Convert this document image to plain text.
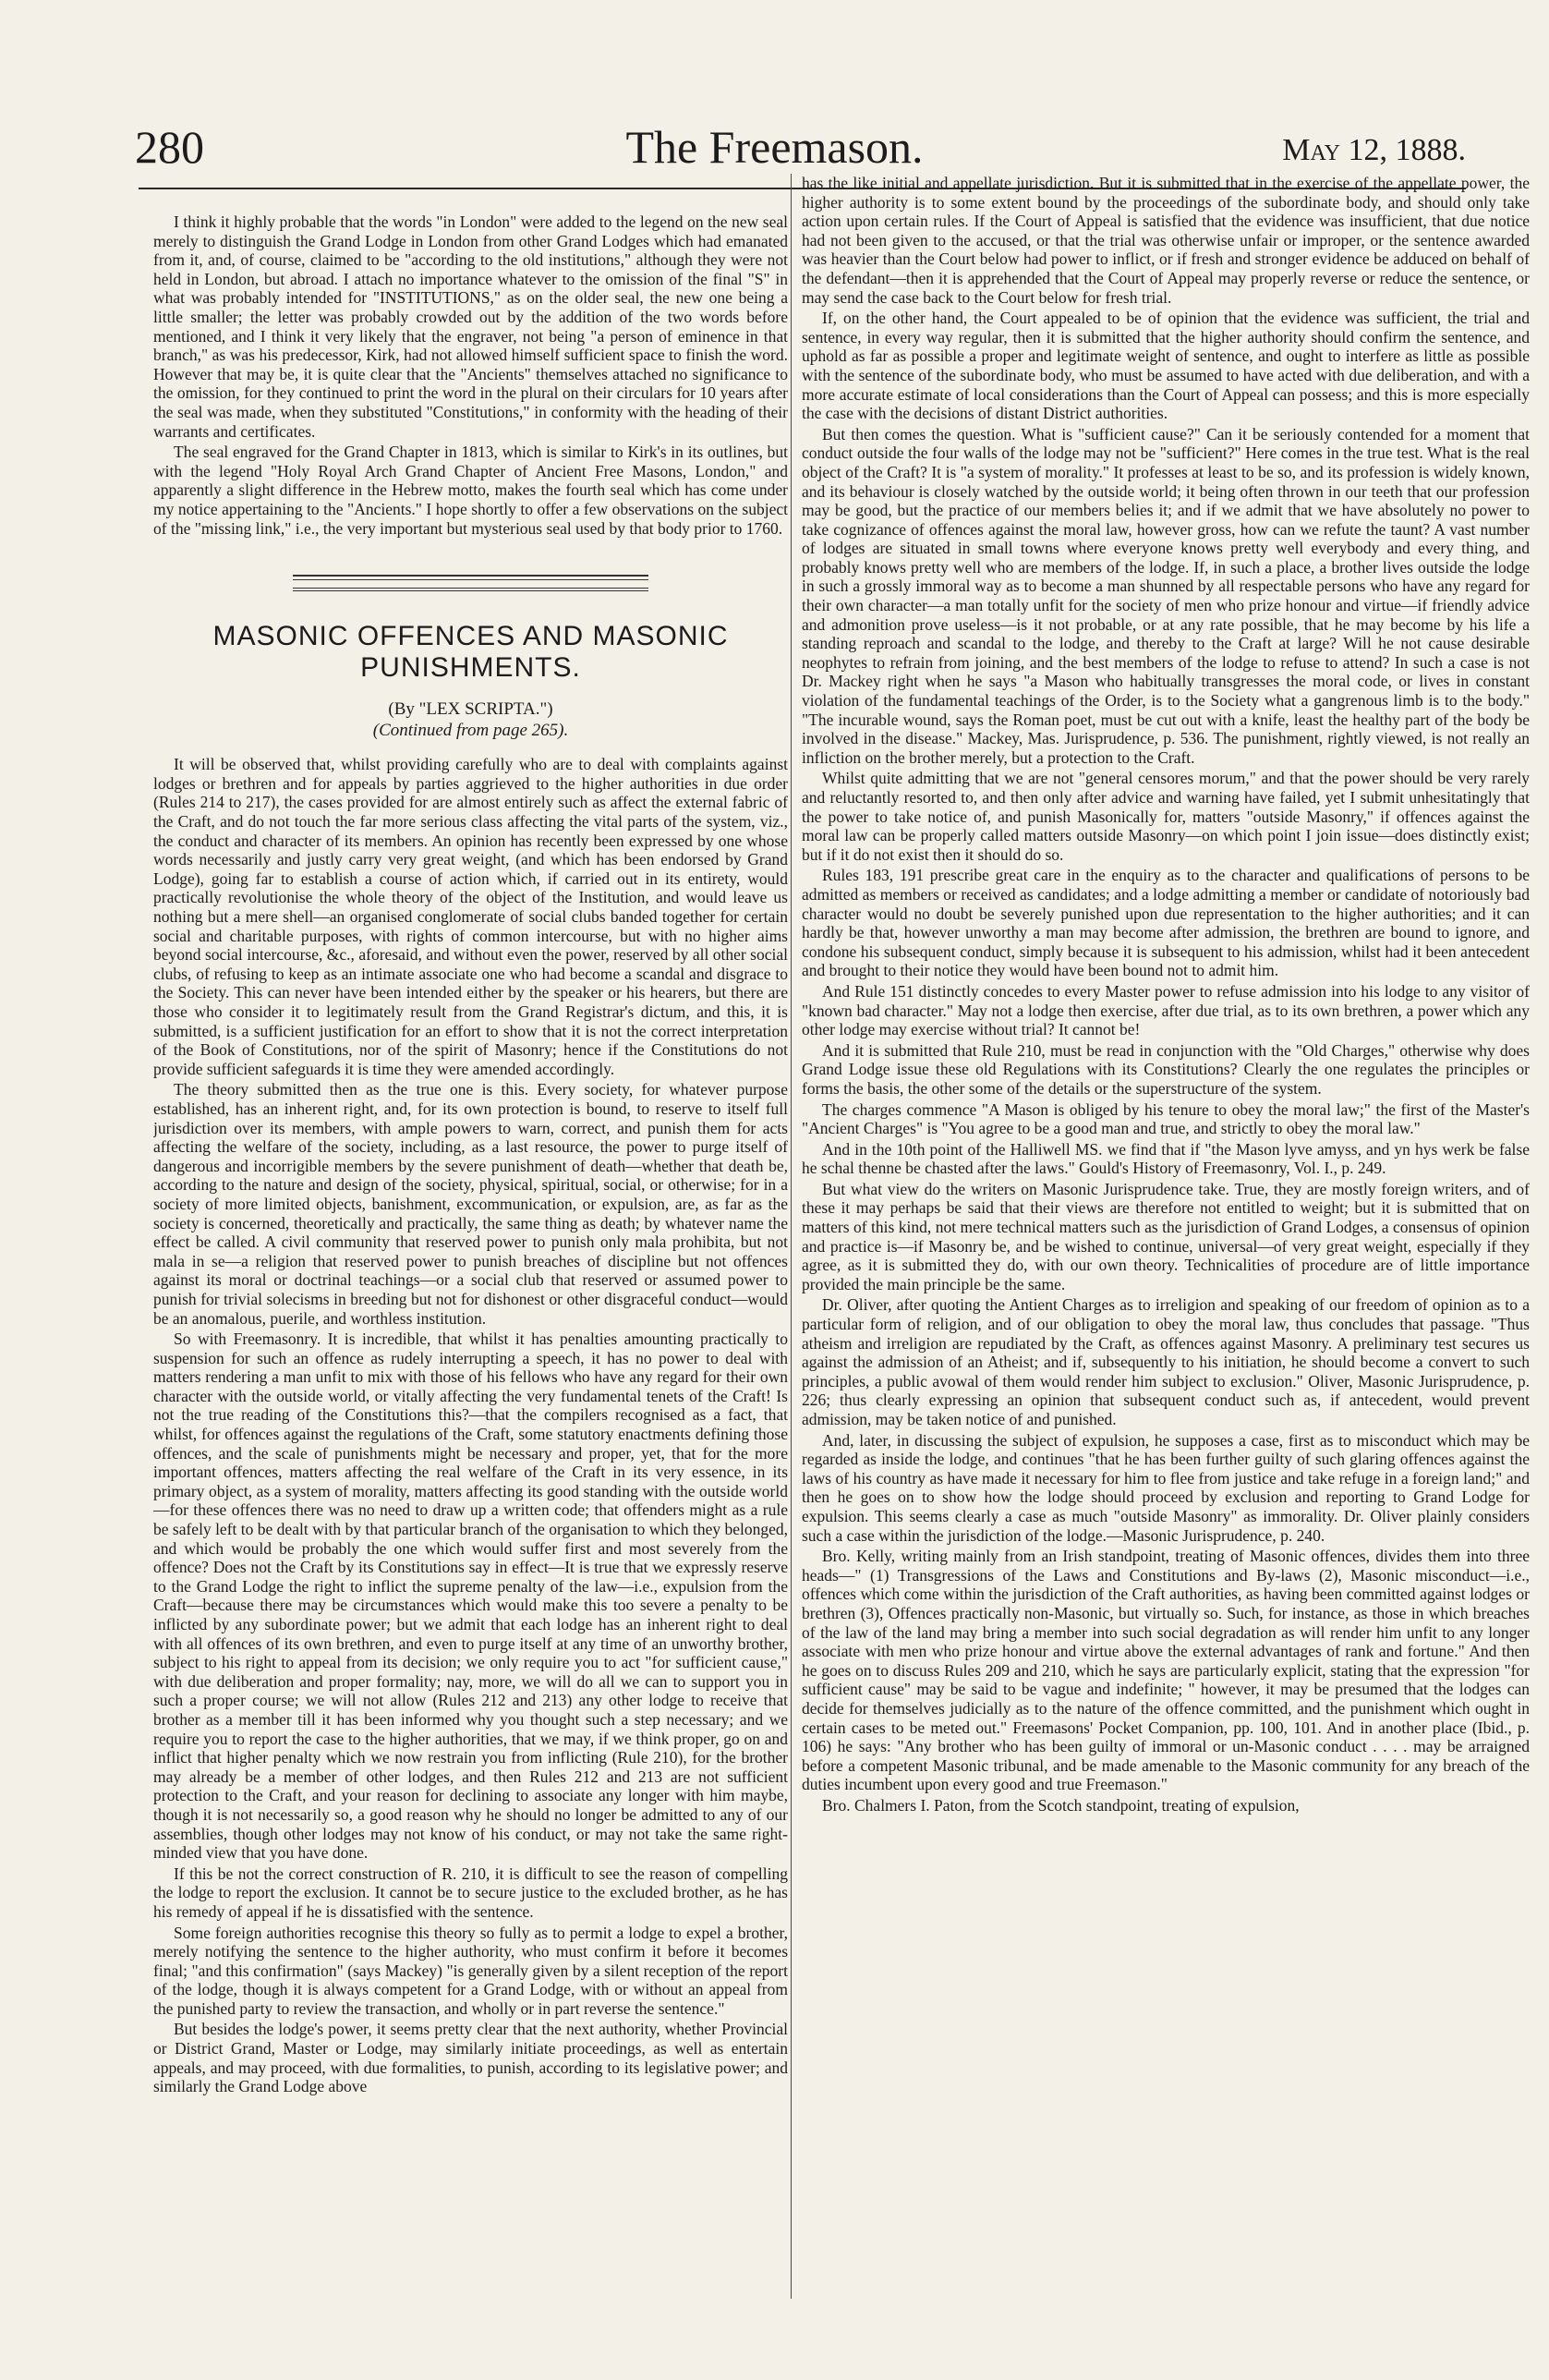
280	The Freemason.	May 12, 1888.

I think it highly probable that the words "in London" were added to the legend on the new seal merely to distinguish the Grand Lodge in London from other Grand Lodges which had emanated from it, and, of course, claimed to be "according to the old institutions," although they were not held in London, but abroad. I attach no importance whatever to the omission of the final "S" in what was probably intended for "INSTITUTIONS," as on the older seal, the new one being a little smaller; the letter was probably crowded out by the addition of the two words before mentioned, and I think it very likely that the engraver, not being "a person of eminence in that branch," as was his predecessor, Kirk, had not allowed himself sufficient space to finish the word. However that may be, it is quite clear that the "Ancients" themselves attached no significance to the omission, for they continued to print the word in the plural on their circulars for 10 years after the seal was made, when they substituted "Constitutions," in conformity with the heading of their warrants and certificates.

The seal engraved for the Grand Chapter in 1813, which is similar to Kirk's in its outlines, but with the legend "Holy Royal Arch Grand Chapter of Ancient Free Masons, London," and apparently a slight difference in the Hebrew motto, makes the fourth seal which has come under my notice appertaining to the "Ancients." I hope shortly to offer a few observations on the subject of the "missing link," i.e., the very important but mysterious seal used by that body prior to 1760.

MASONIC OFFENCES AND MASONIC PUNISHMENTS.
(By "LEX SCRIPTA.")
(Continued from page 265).

It will be observed that, whilst providing carefully who are to deal with complaints against lodges or brethren and for appeals by parties aggrieved to the higher authorities in due order (Rules 214 to 217), the cases provided for are almost entirely such as affect the external fabric of the Craft, and do not touch the far more serious class affecting the vital parts of the system, viz., the conduct and character of its members. An opinion has recently been expressed by one whose words necessarily and justly carry very great weight, (and which has been endorsed by Grand Lodge), going far to establish a course of action which, if carried out in its entirety, would practically revolutionise the whole theory of the object of the Institution, and would leave us nothing but a mere shell—an organised conglomerate of social clubs banded together for certain social and charitable purposes, with rights of common intercourse, but with no higher aims beyond social intercourse, &c., aforesaid, and without even the power, reserved by all other social clubs, of refusing to keep as an intimate associate one who had become a scandal and disgrace to the Society. This can never have been intended either by the speaker or his hearers, but there are those who consider it to legitimately result from the Grand Registrar's dictum, and this, it is submitted, is a sufficient justification for an effort to show that it is not the correct interpretation of the Book of Constitutions, nor of the spirit of Masonry; hence if the Constitutions do not provide sufficient safeguards it is time they were amended accordingly.

The theory submitted then as the true one is this. Every society, for whatever purpose established, has an inherent right, and, for its own protection is bound, to reserve to itself full jurisdiction over its members, with ample powers to warn, correct, and punish them for acts affecting the welfare of the society, including, as a last resource, the power to purge itself of dangerous and incorrigible members by the severe punishment of death—whether that death be, according to the nature and design of the society, physical, spiritual, social, or otherwise; for in a society of more limited objects, banishment, excommunication, or expulsion, are, as far as the society is concerned, theoretically and practically, the same thing as death; by whatever name the effect be called. A civil community that reserved power to punish only mala prohibita, but not mala in se—a religion that reserved power to punish breaches of discipline but not offences against its moral or doctrinal teachings—or a social club that reserved or assumed power to punish for trivial solecisms in breeding but not for dishonest or other disgraceful conduct—would be an anomalous, puerile, and worthless institution.

So with Freemasonry. It is incredible, that whilst it has penalties amounting practically to suspension for such an offence as rudely interrupting a speech, it has no power to deal with matters rendering a man unfit to mix with those of his fellows who have any regard for their own character with the outside world, or vitally affecting the very fundamental tenets of the Craft! Is not the true reading of the Constitutions this?—that the compilers recognised as a fact, that whilst, for offences against the regulations of the Craft, some statutory enactments defining those offences, and the scale of punishments might be necessary and proper, yet, that for the more important offences, matters affecting the real welfare of the Craft in its very essence, in its primary object, as a system of morality, matters affecting its good standing with the outside world—for these offences there was no need to draw up a written code; that offenders might as a rule be safely left to be dealt with by that particular branch of the organisation to which they belonged, and which would be probably the one which would suffer first and most severely from the offence? Does not the Craft by its Constitutions say in effect—It is true that we expressly reserve to the Grand Lodge the right to inflict the supreme penalty of the law—i.e., expulsion from the Craft—because there may be circumstances which would make this too severe a penalty to be inflicted by any subordinate power; but we admit that each lodge has an inherent right to deal with all offences of its own brethren, and even to purge itself at any time of an unworthy brother, subject to his right to appeal from its decision; we only require you to act "for sufficient cause," with due deliberation and proper formality; nay, more, we will do all we can to support you in such a proper course; we will not allow (Rules 212 and 213) any other lodge to receive that brother as a member till it has been informed why you thought such a step necessary; and we require you to report the case to the higher authorities, that we may, if we think proper, go on and inflict that higher penalty which we now restrain you from inflicting (Rule 210), for the brother may already be a member of other lodges, and then Rules 212 and 213 are not sufficient protection to the Craft, and your reason for declining to associate any longer with him maybe, though it is not necessarily so, a good reason why he should no longer be admitted to any of our assemblies, though other lodges may not know of his conduct, or may not take the same right-minded view that you have done.

If this be not the correct construction of R. 210, it is difficult to see the reason of compelling the lodge to report the exclusion. It cannot be to secure justice to the excluded brother, as he has his remedy of appeal if he is dissatisfied with the sentence.

Some foreign authorities recognise this theory so fully as to permit a lodge to expel a brother, merely notifying the sentence to the higher authority, who must confirm it before it becomes final; "and this confirmation" (says Mackey) "is generally given by a silent reception of the report of the lodge, though it is always competent for a Grand Lodge, with or without an appeal from the punished party to review the transaction, and wholly or in part reverse the sentence."

But besides the lodge's power, it seems pretty clear that the next authority, whether Provincial or District Grand, Master or Lodge, may similarly initiate proceedings, as well as entertain appeals, and may proceed, with due formalities, to punish, according to its legislative power; and similarly the Grand Lodge above

has the like initial and appellate jurisdiction. But it is submitted that in the exercise of the appellate power, the higher authority is to some extent bound by the proceedings of the subordinate body, and should only take action upon certain rules. If the Court of Appeal is satisfied that the evidence was insufficient, that due notice had not been given to the accused, or that the trial was otherwise unfair or improper, or the sentence awarded was heavier than the Court below had power to inflict, or if fresh and stronger evidence be adduced on behalf of the defendant—then it is apprehended that the Court of Appeal may properly reverse or reduce the sentence, or may send the case back to the Court below for fresh trial.

If, on the other hand, the Court appealed to be of opinion that the evidence was sufficient, the trial and sentence, in every way regular, then it is submitted that the higher authority should confirm the sentence, and uphold as far as possible a proper and legitimate weight of sentence, and ought to interfere as little as possible with the sentence of the subordinate body, who must be assumed to have acted with due deliberation, and with a more accurate estimate of local considerations than the Court of Appeal can possess; and this is more especially the case with the decisions of distant District authorities.

But then comes the question. What is "sufficient cause?" Can it be seriously contended for a moment that conduct outside the four walls of the lodge may not be "sufficient?" Here comes in the true test. What is the real object of the Craft? It is "a system of morality." It professes at least to be so, and its profession is widely known, and its behaviour is closely watched by the outside world; it being often thrown in our teeth that our profession may be good, but the practice of our members belies it; and if we admit that we have absolutely no power to take cognizance of offences against the moral law, however gross, how can we refute the taunt? A vast number of lodges are situated in small towns where everyone knows pretty well everybody and every thing, and probably knows pretty well who are members of the lodge. If, in such a place, a brother lives outside the lodge in such a grossly immoral way as to become a man shunned by all respectable persons who have any regard for their own character—a man totally unfit for the society of men who prize honour and virtue—if friendly advice and admonition prove useless—is it not probable, or at any rate possible, that he may become by his life a standing reproach and scandal to the lodge, and thereby to the Craft at large? Will he not cause desirable neophytes to refrain from joining, and the best members of the lodge to refuse to attend? In such a case is not Dr. Mackey right when he says "a Mason who habitually transgresses the moral code, or lives in constant violation of the fundamental teachings of the Order, is to the Society what a gangrenous limb is to the body." "The incurable wound, says the Roman poet, must be cut out with a knife, least the healthy part of the body be involved in the disease." Mackey, Mas. Jurisprudence, p. 536. The punishment, rightly viewed, is not really an infliction on the brother merely, but a protection to the Craft.

Whilst quite admitting that we are not "general censores morum," and that the power should be very rarely and reluctantly resorted to, and then only after advice and warning have failed, yet I submit unhesitatingly that the power to take notice of, and punish Masonically for, matters "outside Masonry," if offences against the moral law can be properly called matters outside Masonry—on which point I join issue—does distinctly exist; but if it do not exist then it should do so.

Rules 183, 191 prescribe great care in the enquiry as to the character and qualifications of persons to be admitted as members or received as candidates; and a lodge admitting a member or candidate of notoriously bad character would no doubt be severely punished upon due representation to the higher authorities; and it can hardly be that, however unworthy a man may become after admission, the brethren are bound to ignore, and condone his subsequent conduct, simply because it is subsequent to his admission, whilst had it been antecedent and brought to their notice they would have been bound not to admit him.

And Rule 151 distinctly concedes to every Master power to refuse admission into his lodge to any visitor of "known bad character." May not a lodge then exercise, after due trial, as to its own brethren, a power which any other lodge may exercise without trial? It cannot be!

And it is submitted that Rule 210, must be read in conjunction with the "Old Charges," otherwise why does Grand Lodge issue these old Regulations with its Constitutions? Clearly the one regulates the principles or forms the basis, the other some of the details or the superstructure of the system.

The charges commence "A Mason is obliged by his tenure to obey the moral law;" the first of the Master's "Ancient Charges" is "You agree to be a good man and true, and strictly to obey the moral law."

And in the 10th point of the Halliwell MS. we find that if "the Mason lyve amyss, and yn hys werk be false he schal thenne be chasted after the laws." Gould's History of Freemasonry, Vol. I., p. 249.

But what view do the writers on Masonic Jurisprudence take. True, they are mostly foreign writers, and of these it may perhaps be said that their views are therefore not entitled to weight; but it is submitted that on matters of this kind, not mere technical matters such as the jurisdiction of Grand Lodges, a consensus of opinion and practice is—if Masonry be, and be wished to continue, universal—of very great weight, especially if they agree, as it is submitted they do, with our own theory. Technicalities of procedure are of little importance provided the main principle be the same.

Dr. Oliver, after quoting the Antient Charges as to irreligion and speaking of our freedom of opinion as to a particular form of religion, and of our obligation to obey the moral law, thus concludes that passage. "Thus atheism and irreligion are repudiated by the Craft, as offences against Masonry. A preliminary test secures us against the admission of an Atheist; and if, subsequently to his initiation, he should become a convert to such principles, a public avowal of them would render him subject to exclusion." Oliver, Masonic Jurisprudence, p. 226; thus clearly expressing an opinion that subsequent conduct such as, if antecedent, would prevent admission, may be taken notice of and punished.

And, later, in discussing the subject of expulsion, he supposes a case, first as to misconduct which may be regarded as inside the lodge, and continues "that he has been further guilty of such glaring offences against the laws of his country as have made it necessary for him to flee from justice and take refuge in a foreign land;" and then he goes on to show how the lodge should proceed by exclusion and reporting to Grand Lodge for expulsion. This seems clearly a case as much "outside Masonry" as immorality. Dr. Oliver plainly considers such a case within the jurisdiction of the lodge.—Masonic Jurisprudence, p. 240.

Bro. Kelly, writing mainly from an Irish standpoint, treating of Masonic offences, divides them into three heads—" (1) Transgressions of the Laws and Constitutions and By-laws (2), Masonic misconduct—i.e., offences which come within the jurisdiction of the Craft authorities, as having been committed against lodges or brethren (3), Offences practically non-Masonic, but virtually so. Such, for instance, as those in which breaches of the law of the land may bring a member into such social degradation as will render him unfit to any longer associate with men who prize honour and virtue above the external advantages of rank and fortune." And then he goes on to discuss Rules 209 and 210, which he says are particularly explicit, stating that the expression "for sufficient cause" may be said to be vague and indefinite; " however, it may be presumed that the lodges can decide for themselves judicially as to the nature of the offence committed, and the punishment which ought in certain cases to be meted out." Freemasons' Pocket Companion, pp. 100, 101. And in another place (Ibid., p. 106) he says: "Any brother who has been guilty of immoral or un-Masonic conduct . . . . may be arraigned before a competent Masonic tribunal, and be made amenable to the Masonic community for any breach of the duties incumbent upon every good and true Freemason."

Bro. Chalmers I. Paton, from the Scotch standpoint, treating of expulsion,
